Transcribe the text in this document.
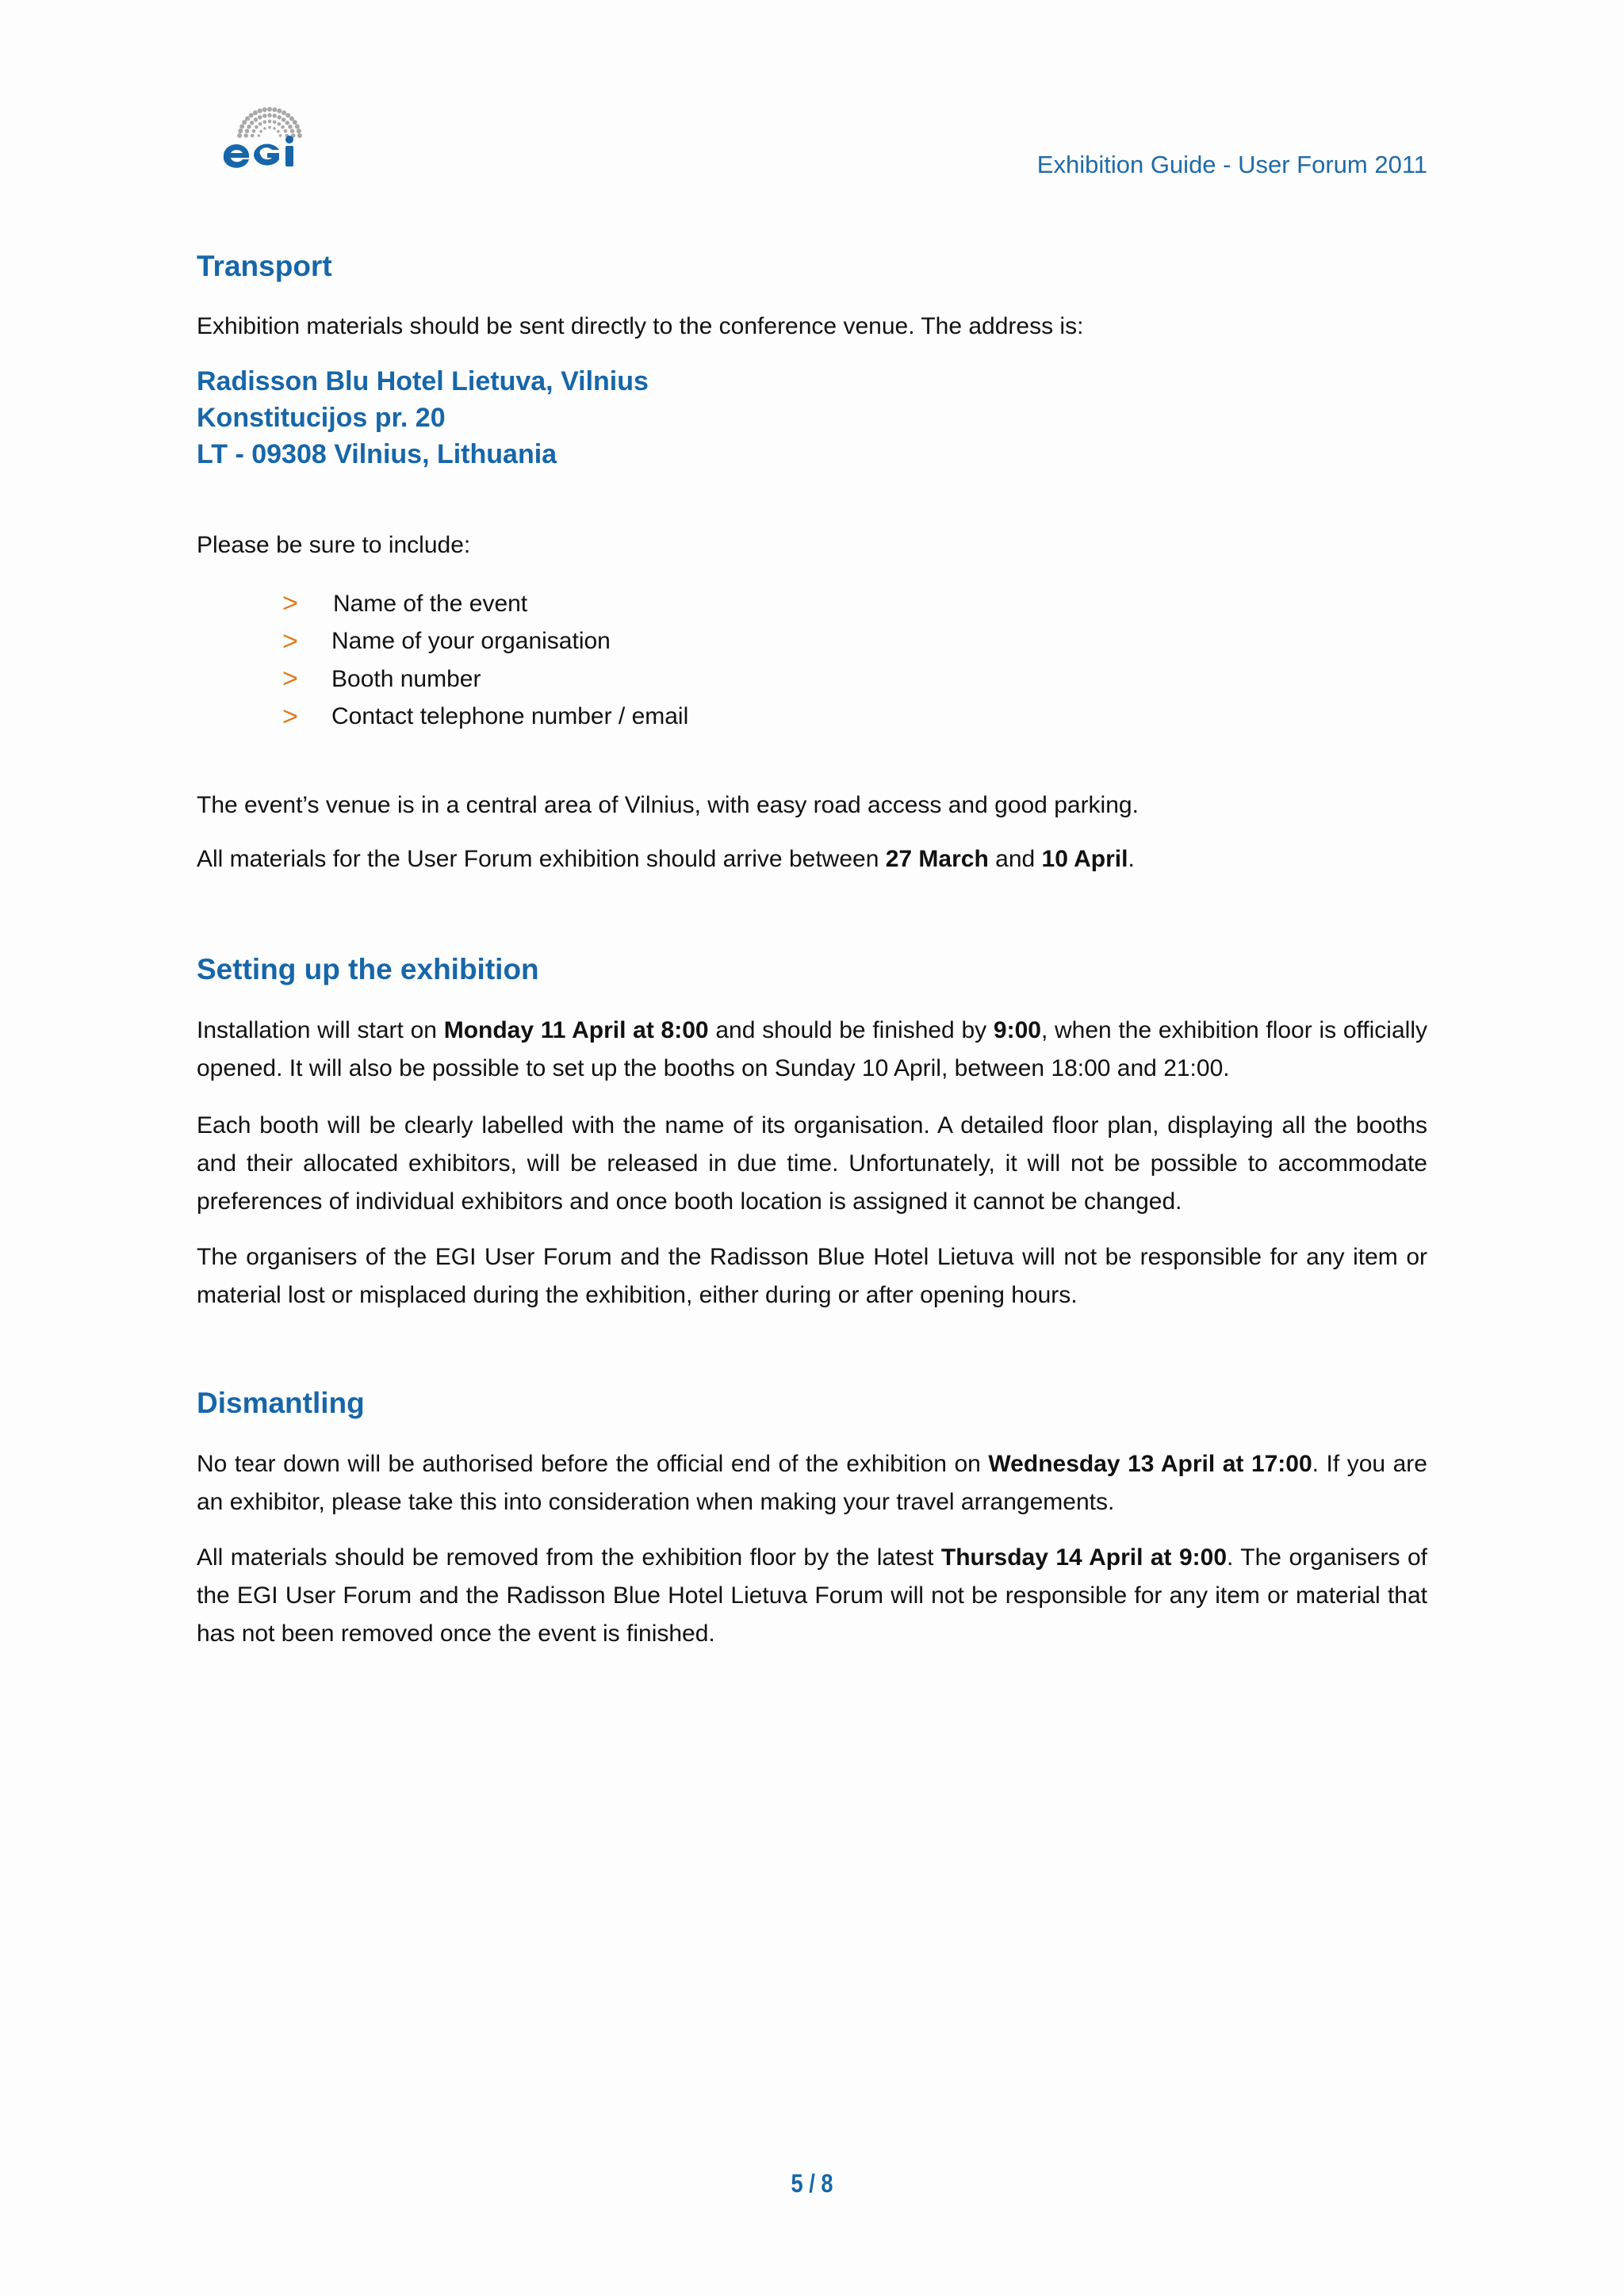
Exhibition Guide - User Forum 2011
Transport

Exhibition materials should be sent directly to the conference venue. The address is:

Radisson Blu Hotel Lietuva, Vilnius
Konstitucijos pr. 20
LT - 09308 Vilnius, Lithuania

Please be sure to include:

>	Name of the event
>	Name of your organisation
>	Booth number
>	Contact telephone number / email

The event’s venue is in a central area of Vilnius, with easy road access and good parking.

All materials for the User Forum exhibition should arrive between 27 March and 10 April.

Setting up the exhibition

Installation will start on Monday 11 April at 8:00 and should be finished by 9:00, when the exhibition floor is officially opened. It will also be possible to set up the booths on Sunday 10 April, between 18:00 and 21:00.

Each booth will be clearly labelled with the name of its organisation. A detailed floor plan, displaying all the booths and their allocated exhibitors, will be released in due time. Unfortunately, it will not be possible to accommodate preferences of individual exhibitors and once booth location is assigned it cannot be changed.

The organisers of the EGI User Forum and the Radisson Blue Hotel Lietuva will not be responsible for any item or material lost or misplaced during the exhibition, either during or after opening hours.

Dismantling

No tear down will be authorised before the official end of the exhibition on Wednesday 13 April at 17:00. If you are an exhibitor, please take this into consideration when making your travel arrangements.

All materials should be removed from the exhibition floor by the latest Thursday 14 April at 9:00. The organisers of the EGI User Forum and the Radisson Blue Hotel Lietuva Forum will not be responsible for any item or material that has not been removed once the event is finished.

5 / 8
